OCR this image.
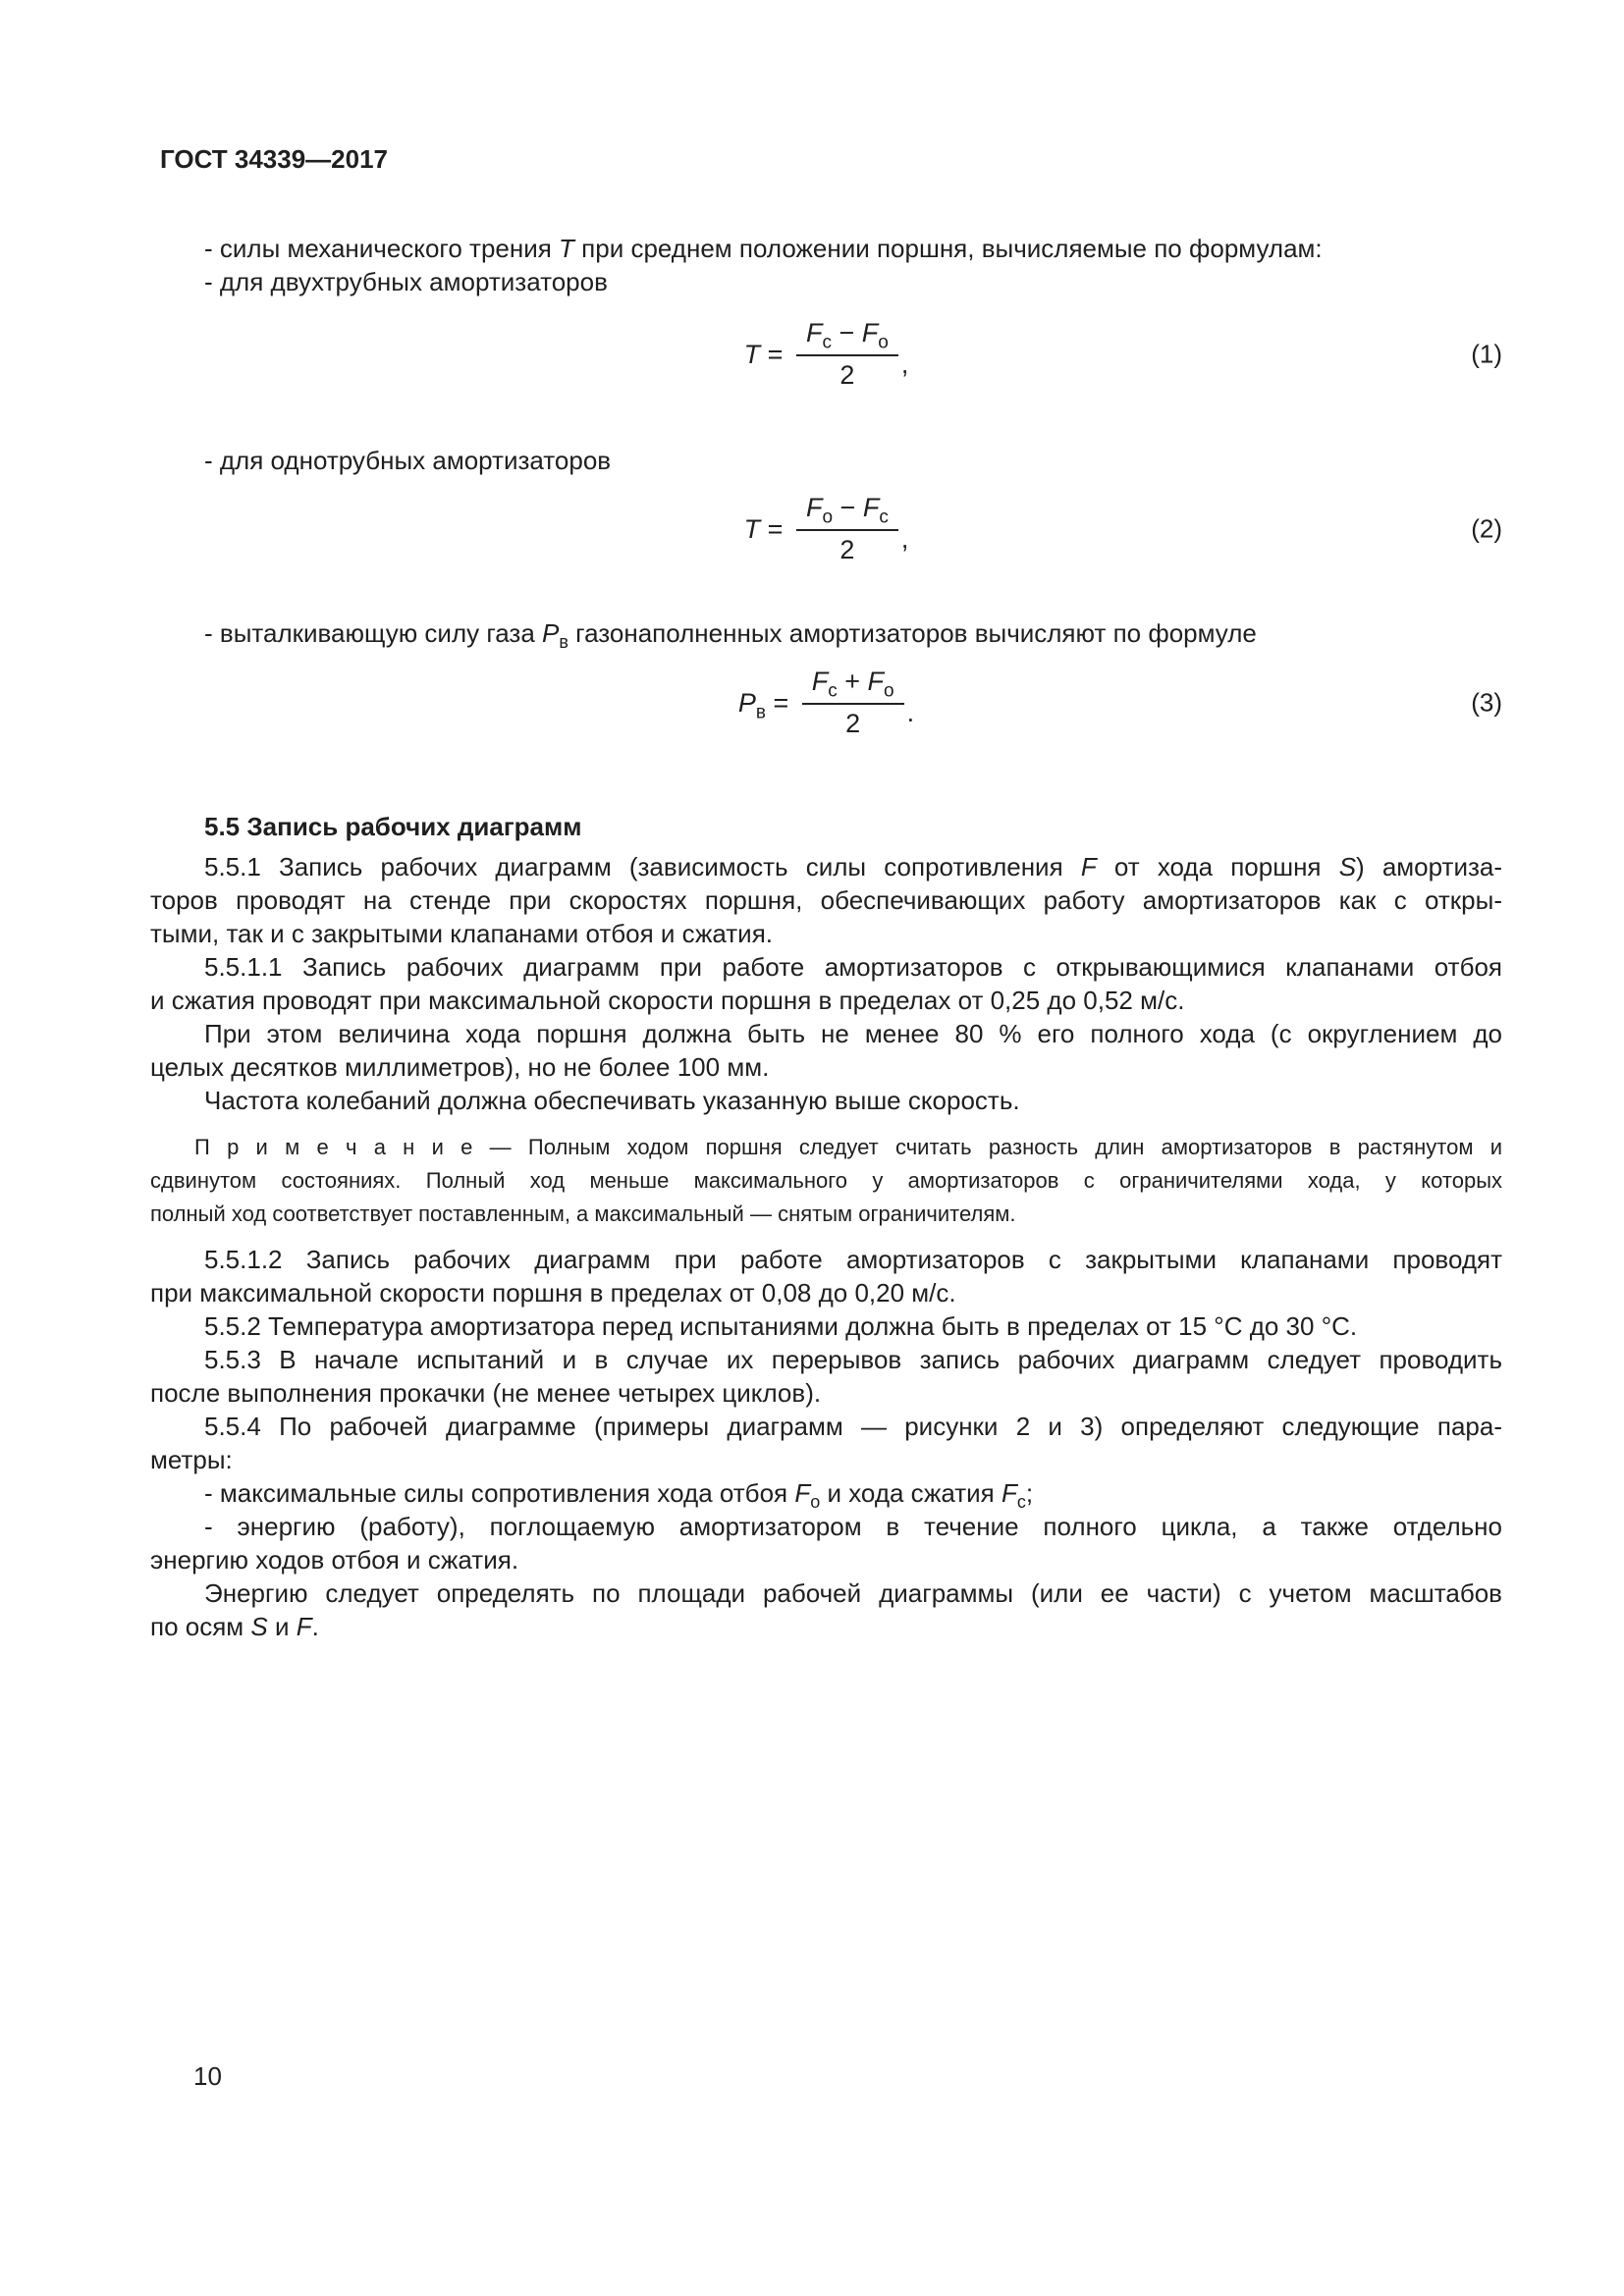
ГОСТ 34339—2017
- силы механического трения T при среднем положении поршня, вычисляемые по формулам:
- для двухтрубных амортизаторов
$T = \frac{F_с - F_о}{2}$ ,	(1)
- для однотрубных амортизаторов
$T = \frac{F_о - F_с}{2}$ ,	(2)
- выталкивающую силу газа $P_в$ газонаполненных амортизаторов вычисляют по формуле
$P_в = \frac{F_с + F_о}{2}$ .	(3)
5.5 Запись рабочих диаграмм
5.5.1 Запись рабочих диаграмм (зависимость силы сопротивления F от хода поршня S) амортиза-
торов проводят на стенде при скоростях поршня, обеспечивающих работу амортизаторов как с откры-
тыми, так и с закрытыми клапанами отбоя и сжатия.
5.5.1.1 Запись рабочих диаграмм при работе амортизаторов с открывающимися клапанами отбоя
и сжатия проводят при максимальной скорости поршня в пределах от 0,25 до 0,52 м/с.
При этом величина хода поршня должна быть не менее 80 % его полного хода (с округлением до
целых десятков миллиметров), но не более 100 мм.
Частота колебаний должна обеспечивать указанную выше скорость.
П р и м е ч а н и е — Полным ходом поршня следует считать разность длин амортизаторов в растянутом и
сдвинутом состояниях. Полный ход меньше максимального у амортизаторов с ограничителями хода, у которых
полный ход соответствует поставленным, а максимальный — снятым ограничителям.
5.5.1.2 Запись рабочих диаграмм при работе амортизаторов с закрытыми клапанами проводят
при максимальной скорости поршня в пределах от 0,08 до 0,20 м/с.
5.5.2 Температура амортизатора перед испытаниями должна быть в пределах от 15 °С до 30 °С.
5.5.3 В начале испытаний и в случае их перерывов запись рабочих диаграмм следует проводить
после выполнения прокачки (не менее четырех циклов).
5.5.4 По рабочей диаграмме (примеры диаграмм — рисунки 2 и 3) определяют следующие пара-
метры:
- максимальные силы сопротивления хода отбоя $F_о$ и хода сжатия $F_с$;
- энергию (работу), поглощаемую амортизатором в течение полного цикла, а также отдельно
энергию ходов отбоя и сжатия.
Энергию следует определять по площади рабочей диаграммы (или ее части) с учетом масштабов
по осям S и F.
10
